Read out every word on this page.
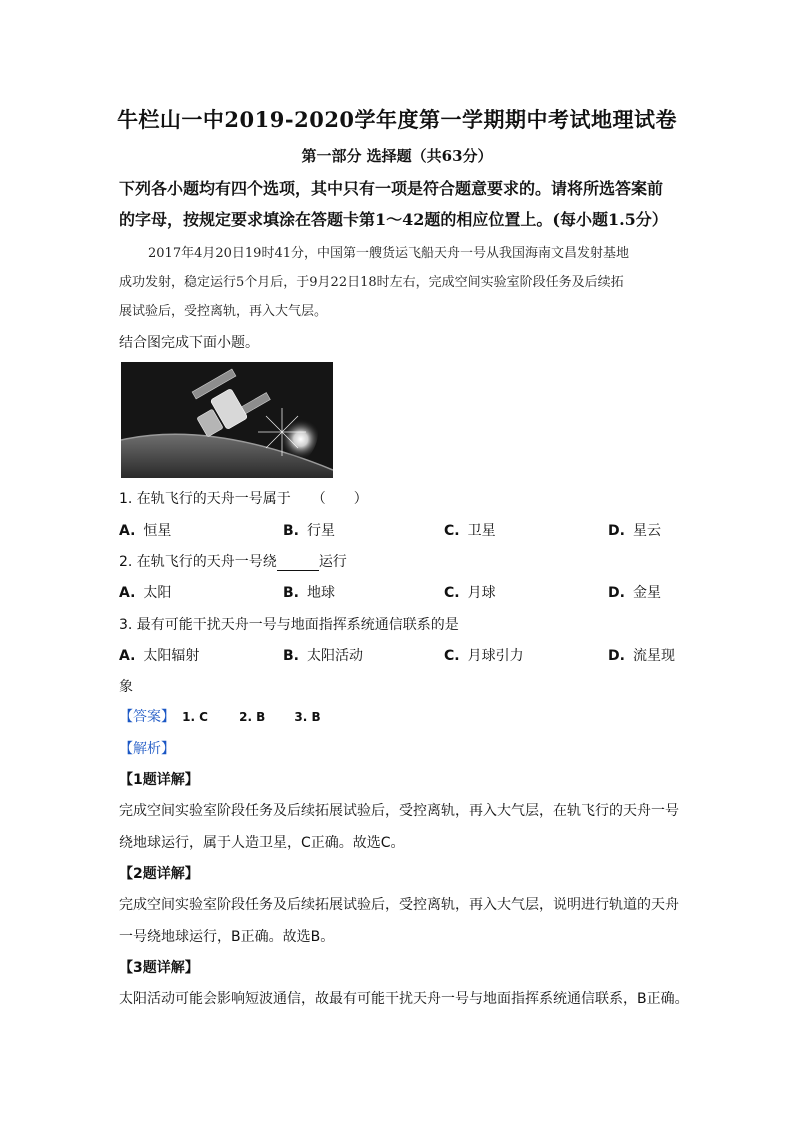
牛栏山一中2019-2020学年度第一学期期中考试地理试卷
第一部分 选择题（共63分）
下列各小题均有四个选项，其中只有一项是符合题意要求的。请将所选答案前
的字母，按规定要求填涂在答题卡第1～42题的相应位置上。(每小题1.5分）
2017年4月20日19时41分，中国第一艘货运飞船天舟一号从我国海南文昌发射基地
成功发射，稳定运行5个月后，于9月22日18时左右，完成空间实验室阶段任务及后续拓
展试验后，受控离轨，再入大气层。
结合图完成下面小题。
1. 在轨飞行的天舟一号属于　　（　　）
A. 恒星	B. 行星	C. 卫星	D. 星云
2. 在轨飞行的天舟一号绕	运行
A. 太阳	B. 地球	C. 月球	D. 金星
3. 最有可能干扰天舟一号与地面指挥系统通信联系的是
A. 太阳辐射	B. 太阳活动	C. 月球引力	D. 流星现
象
【答案】 1. C	2. B 3. B
【解析】
【1题详解】
完成空间实验室阶段任务及后续拓展试验后，受控离轨，再入大气层，在轨飞行的天舟一号
绕地球运行，属于人造卫星，C正确。故选C。
【2题详解】
完成空间实验室阶段任务及后续拓展试验后，受控离轨，再入大气层，说明进行轨道的天舟
一号绕地球运行，B正确。故选B。
【3题详解】
太阳活动可能会影响短波通信，故最有可能干扰天舟一号与地面指挥系统通信联系，B正确。
